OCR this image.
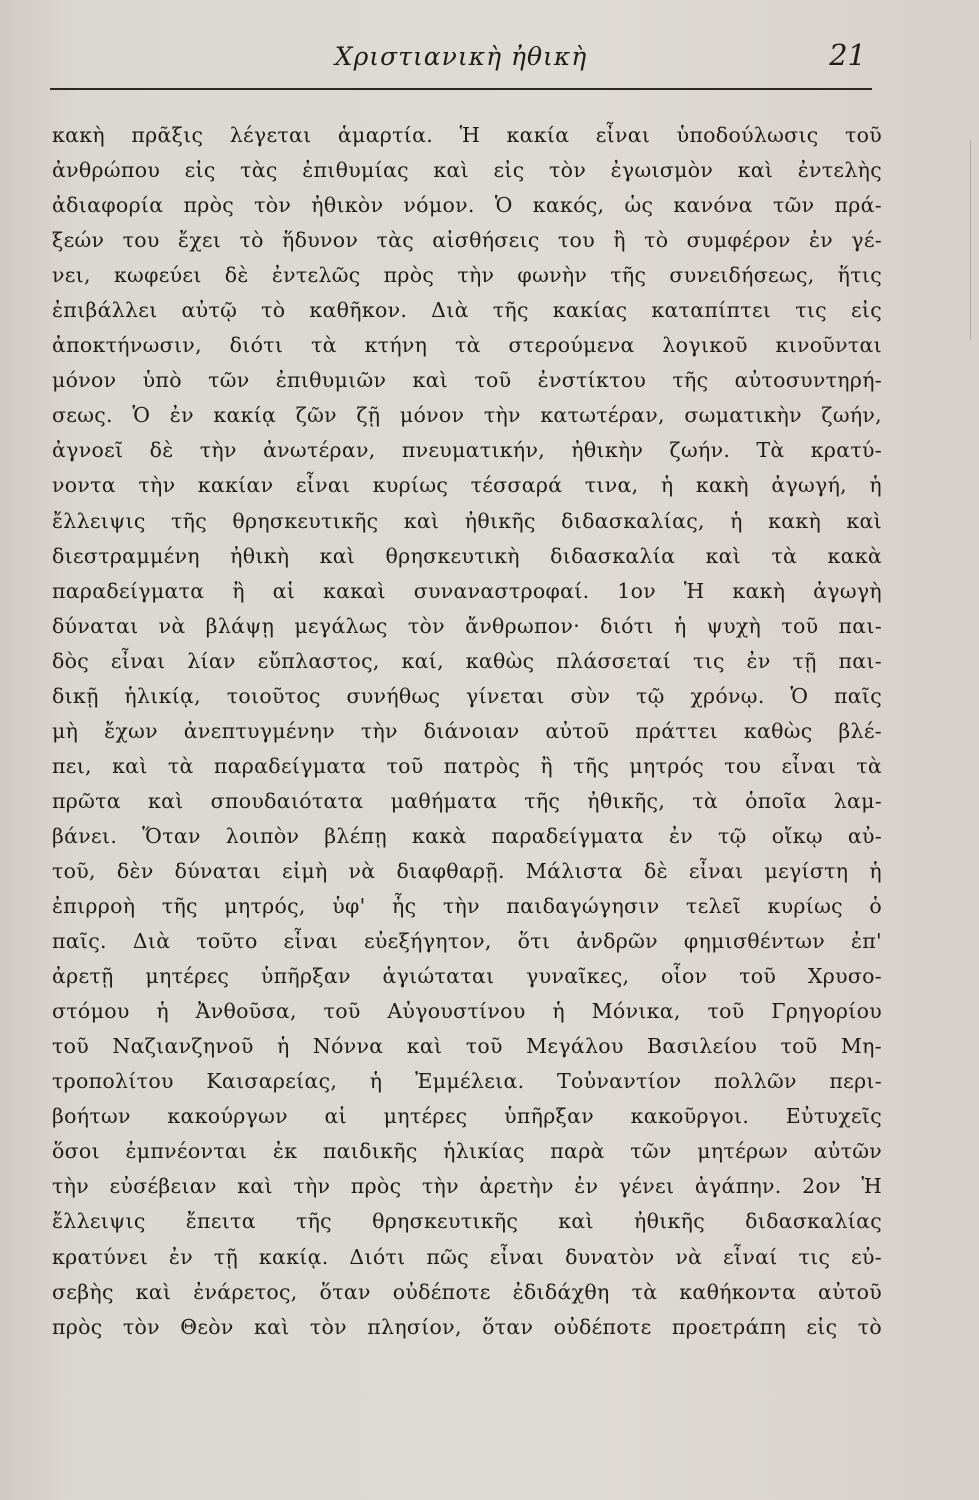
Χριστιανικὴ ἠθικὴ	21
κακὴ πρᾶξις λέγεται ἁμαρτία. Ἡ κακία εἶναι ὑποδούλωσις τοῦ
ἀνθρώπου εἰς τὰς ἐπιθυμίας καὶ εἰς τὸν ἐγωισμὸν καὶ ἐντελὴς
ἀδιαφορία πρὸς τὸν ἠθικὸν νόμον. Ὁ κακός, ὡς κανόνα τῶν πρά-
ξεών του ἔχει τὸ ἥδυνον τὰς αἰσθήσεις του ἢ τὸ συμφέρον ἐν γέ-
νει, κωφεύει δὲ ἐντελῶς πρὸς τὴν φωνὴν τῆς συνειδήσεως, ἥτις
ἐπιβάλλει αὐτῷ τὸ καθῆκον. Διὰ τῆς κακίας καταπίπτει τις εἰς
ἀποκτήνωσιν, διότι τὰ κτήνη τὰ στερούμενα λογικοῦ κινοῦνται
μόνον ὑπὸ τῶν ἐπιθυμιῶν καὶ τοῦ ἐνστίκτου τῆς αὐτοσυντηρή-
σεως. Ὁ ἐν κακίᾳ ζῶν ζῇ μόνον τὴν κατωτέραν, σωματικὴν ζωήν,
ἀγνοεῖ δὲ τὴν ἀνωτέραν, πνευματικήν, ἠθικὴν ζωήν. Τὰ κρατύ-
νοντα τὴν κακίαν εἶναι κυρίως τέσσαρά τινα, ἡ κακὴ ἀγωγή, ἡ
ἔλλειψις τῆς θρησκευτικῆς καὶ ἠθικῆς διδασκαλίας, ἡ κακὴ καὶ
διεστραμμένη ἠθικὴ καὶ θρησκευτικὴ διδασκαλία καὶ τὰ κακὰ
παραδείγματα ἢ αἱ κακαὶ συναναστροφαί. 1ον Ἡ κακὴ ἀγωγὴ
δύναται νὰ βλάψῃ μεγάλως τὸν ἄνθρωπον· διότι ἡ ψυχὴ τοῦ παι-
δὸς εἶναι λίαν εὔπλαστος, καί, καθὼς πλάσσεταί τις ἐν τῇ παι-
δικῇ ἡλικίᾳ, τοιοῦτος συνήθως γίνεται σὺν τῷ χρόνῳ. Ὁ παῖς
μὴ ἔχων ἀνεπτυγμένην τὴν διάνοιαν αὐτοῦ πράττει καθὼς βλέ-
πει, καὶ τὰ παραδείγματα τοῦ πατρὸς ἢ τῆς μητρός του εἶναι τὰ
πρῶτα καὶ σπουδαιότατα μαθήματα τῆς ἠθικῆς, τὰ ὁποῖα λαμ-
βάνει. Ὅταν λοιπὸν βλέπῃ κακὰ παραδείγματα ἐν τῷ οἴκῳ αὐ-
τοῦ, δὲν δύναται εἰμὴ νὰ διαφθαρῇ. Μάλιστα δὲ εἶναι μεγίστη ἡ
ἐπιρροὴ τῆς μητρός, ὑφ' ἧς τὴν παιδαγώγησιν τελεῖ κυρίως ὁ
παῖς. Διὰ τοῦτο εἶναι εὐεξήγητον, ὅτι ἀνδρῶν φημισθέντων ἐπ'
ἀρετῇ μητέρες ὑπῆρξαν ἁγιώταται γυναῖκες, οἷον τοῦ Χρυσο-
στόμου ἡ Ἀνθοῦσα, τοῦ Αὐγουστίνου ἡ Μόνικα, τοῦ Γρηγορίου
τοῦ Ναζιανζηνοῦ ἡ Νόννα καὶ τοῦ Μεγάλου Βασιλείου τοῦ Μη-
τροπολίτου Καισαρείας, ἡ Ἐμμέλεια. Τοὐναντίον πολλῶν περι-
βοήτων κακούργων αἱ μητέρες ὑπῆρξαν κακοῦργοι. Εὐτυχεῖς
ὅσοι ἐμπνέονται ἐκ παιδικῆς ἡλικίας παρὰ τῶν μητέρων αὐτῶν
τὴν εὐσέβειαν καὶ τὴν πρὸς τὴν ἀρετὴν ἐν γένει ἀγάπην. 2ον Ἡ
ἔλλειψις ἔπειτα τῆς θρησκευτικῆς καὶ ἠθικῆς διδασκαλίας
κρατύνει ἐν τῇ κακίᾳ. Διότι πῶς εἶναι δυνατὸν νὰ εἶναί τις εὐ-
σεβὴς καὶ ἐνάρετος, ὅταν οὐδέποτε ἐδιδάχθη τὰ καθήκοντα αὐτοῦ
πρὸς τὸν Θεὸν καὶ τὸν πλησίον, ὅταν οὐδέποτε προετράπη εἰς τὸ
